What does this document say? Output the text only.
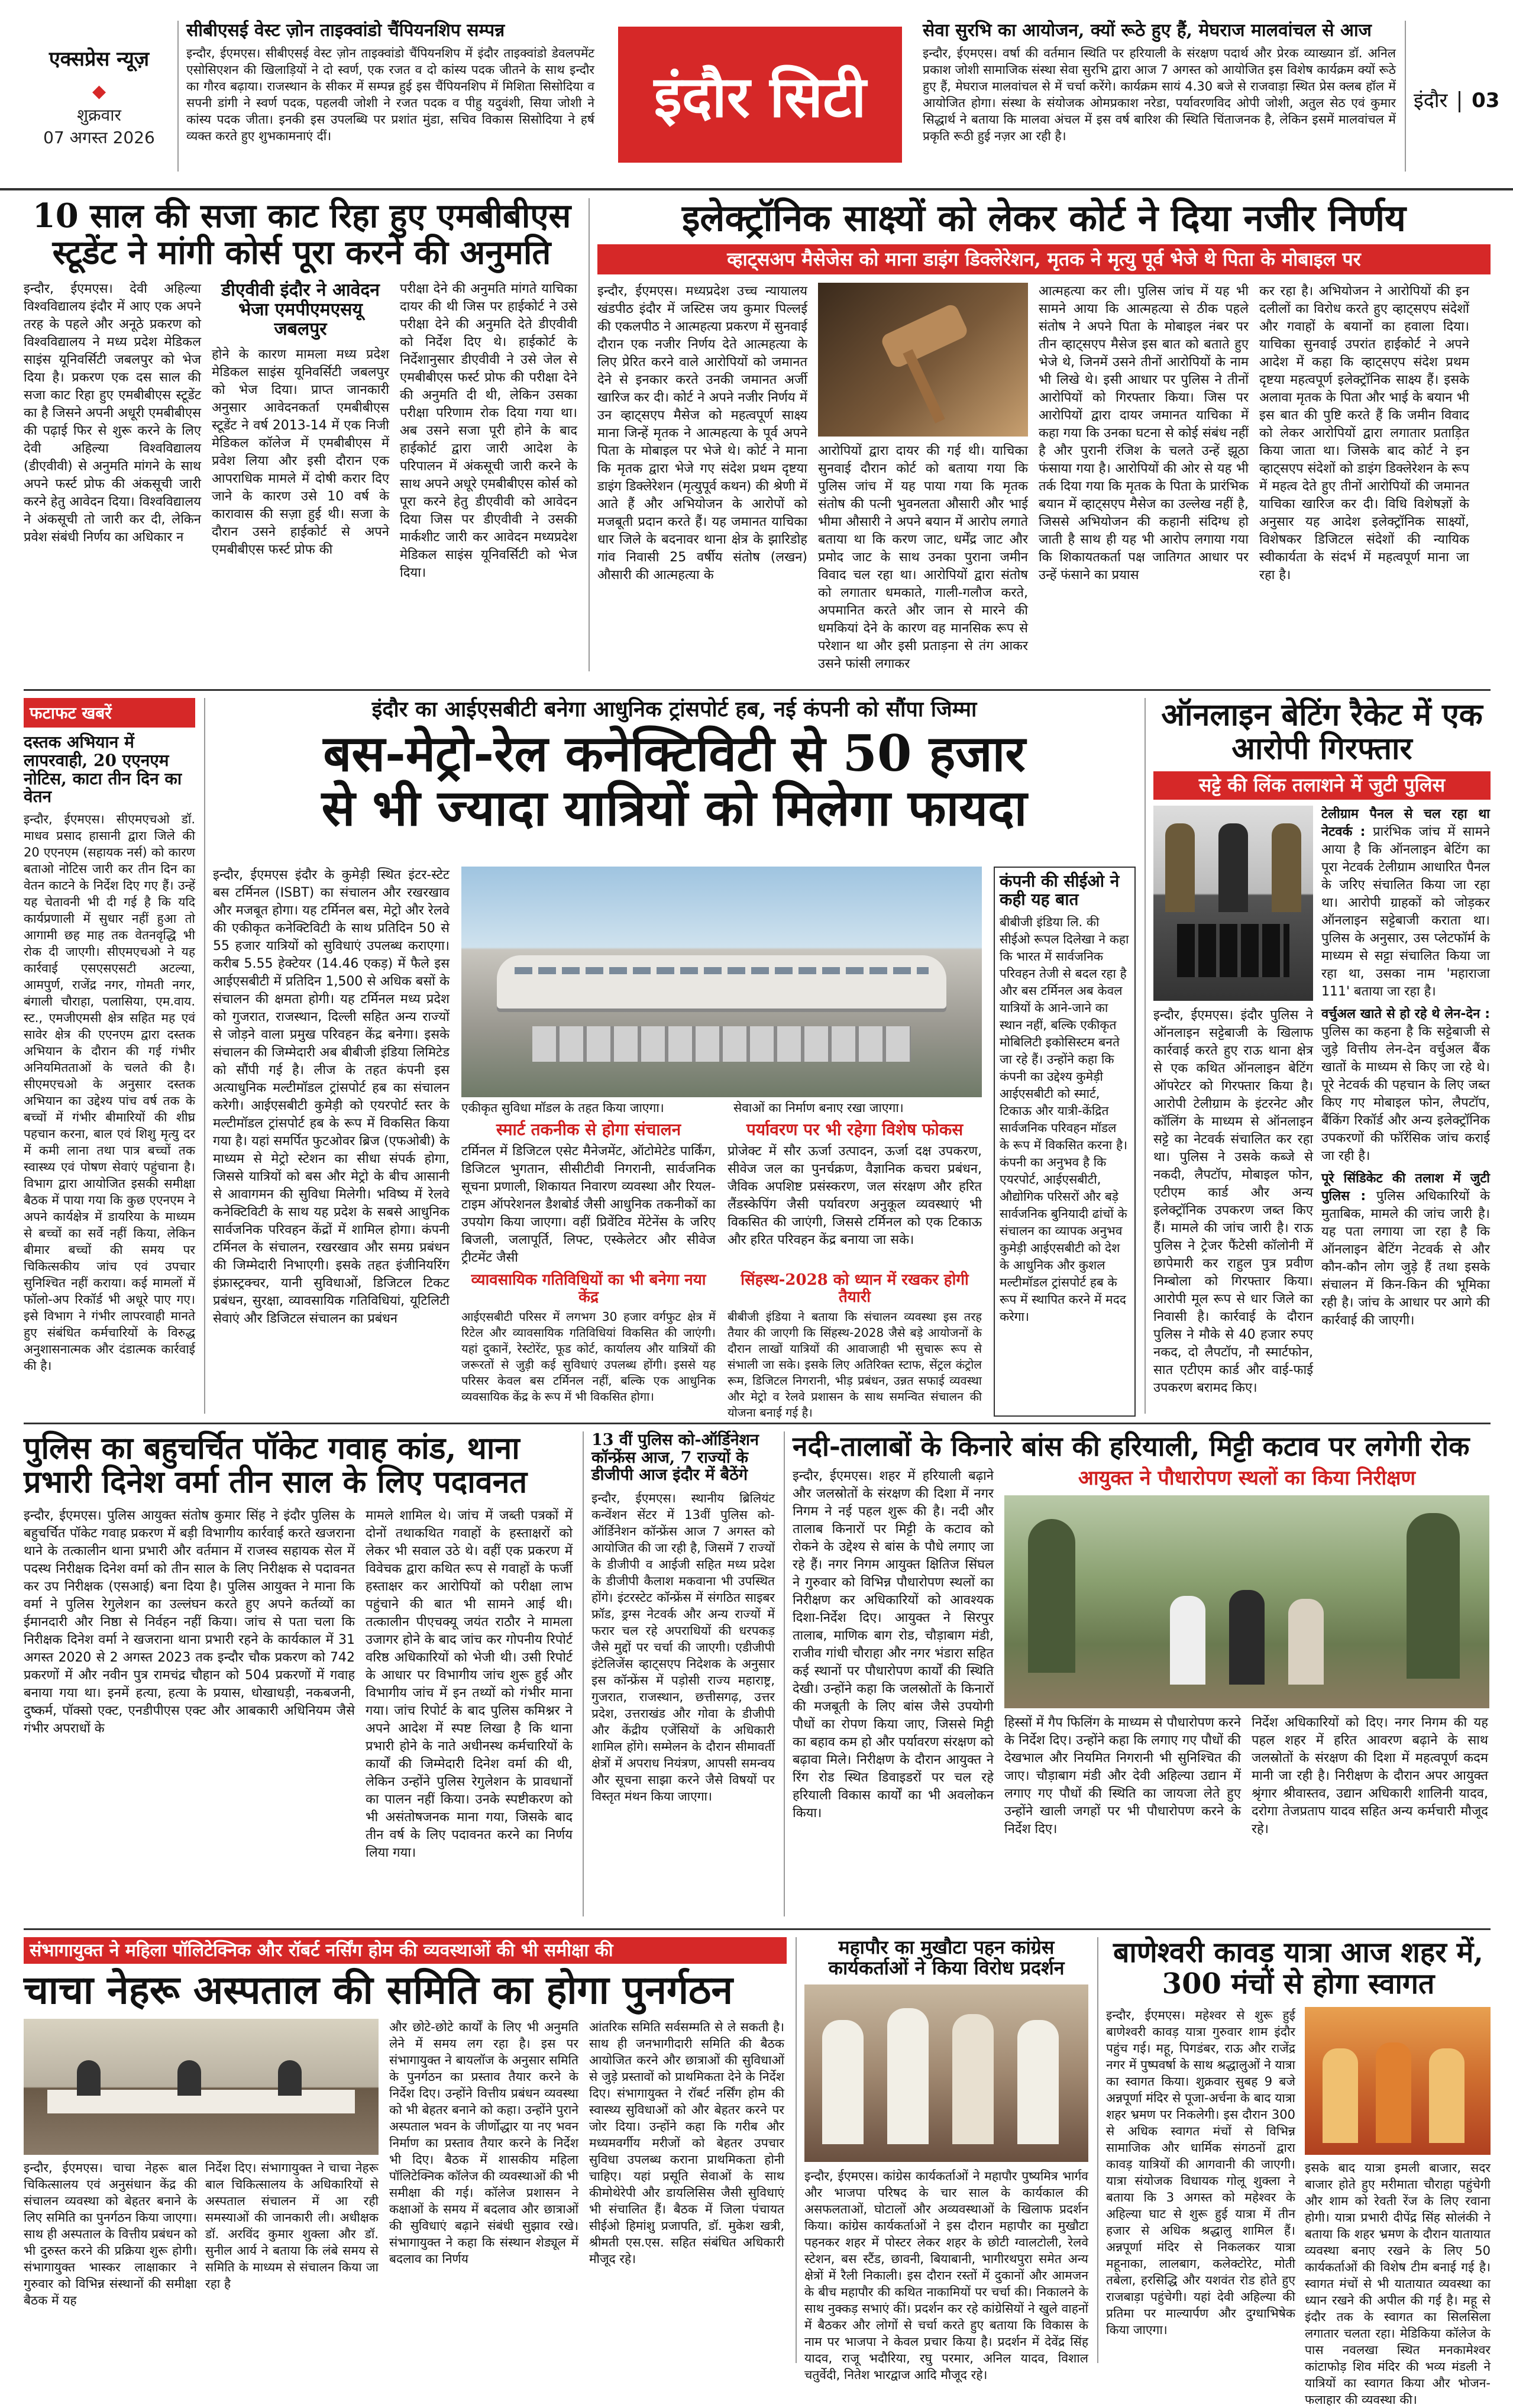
एक्सप्रेस न्यूज़
◆
शुक्रवार
07 अगस्त 2026
सीबीएसई वेस्ट ज़ोन ताइक्वांडो चैंपियनशिप सम्पन्न
इन्दौर, ईएमएस। सीबीएसई वेस्ट ज़ोन ताइक्वांडो चैंपियनशिप में इंदौर ताइक्वांडो डेवलपमेंट एसोसिएशन की खिलाड़ियों ने दो स्वर्ण, एक रजत व दो कांस्य पदक जीतने के साथ इन्दौर का गौरव बढ़ाया। राजस्थान के सीकर में सम्पन्न हुई इस चैंपियनशिप में मिशिता सिसोदिया व सपनी डांगी ने स्वर्ण पदक, पहलवी जोशी ने रजत पदक व पीहु यदुवंशी, सिया जोशी ने कांस्य पदक जीता। इनकी इस उपलब्धि पर प्रशांत मुंडा, सचिव विकास सिसोदिया ने हर्ष व्यक्त करते हुए शुभकामनाएं दीं।
इंदौर सिटी
सेवा सुरभि का आयोजन, क्यों रूठे हुए हैं, मेघराज मालवांचल से आज
इन्दौर, ईएमएस। वर्षा की वर्तमान स्थिति पर हरियाली के संरक्षण पदार्थ और प्रेरक व्याख्यान डॉ. अनिल प्रकाश जोशी सामाजिक संस्था सेवा सुरभि द्वारा आज 7 अगस्त को आयोजित इस विशेष कार्यक्रम क्यों रूठे हुए हैं, मेघराज मालवांचल से में चर्चा करेंगे। कार्यक्रम सायं 4.30 बजे से राजवाड़ा स्थित प्रेस क्लब हॉल में आयोजित होगा। संस्था के संयोजक ओमप्रकाश नरेडा, पर्यावरणविद ओपी जोशी, अतुल सेठ एवं कुमार सिद्धार्थ ने बताया कि मालवा अंचल में इस वर्ष बारिश की स्थिति चिंताजनक है, लेकिन इसमें मालवांचल में प्रकृति रूठी हुई नज़र आ रही है।
इंदौर 03
10 साल की सजा काट रिहा हुए एमबीबीएस स्टूडेंट ने मांगी कोर्स पूरा करने की अनुमति
इन्दौर, ईएमएस। देवी अहिल्या विश्वविद्यालय इंदौर में आए एक अपने तरह के पहले और अनूठे प्रकरण को विश्वविद्यालय ने मध्य प्रदेश मेडिकल साइंस यूनिवर्सिटी जबलपुर को भेज दिया है। प्रकरण एक दस साल की सजा काट रिहा हुए एमबीबीएस स्टूडेंट का है जिसने अपनी अधूरी एमबीबीएस की पढ़ाई फिर से शुरू करने के लिए देवी अहिल्या विश्वविद्यालय (डीएवीवी) से अनुमति मांगने के साथ अपने फर्स्ट प्रोफ की अंकसूची जारी करने हेतु आवेदन दिया। विश्वविद्यालय ने अंकसूची तो जारी कर दी, लेकिन प्रवेश संबंधी निर्णय का अधिकार न
डीएवीवी इंदौर ने आवेदन भेजा एमपीएमएसयू जबलपुर
होने के कारण मामला मध्य प्रदेश मेडिकल साइंस यूनिवर्सिटी जबलपुर को भेज दिया। प्राप्त जानकारी अनुसार आवेदनकर्ता एमबीबीएस स्टूडेंट ने वर्ष 2013-14 में एक निजी मेडिकल कॉलेज में एमबीबीएस में प्रवेश लिया और इसी दौरान एक आपराधिक मामले में दोषी करार दिए जाने के कारण उसे 10 वर्ष के कारावास की सज़ा हुई थी। सजा के दौरान उसने हाईकोर्ट से अपने एमबीबीएस फर्स्ट प्रोफ की
परीक्षा देने की अनुमति मांगते याचिका दायर की थी जिस पर हाईकोर्ट ने उसे परीक्षा देने की अनुमति देते डीएवीवी को निर्देश दिए थे। हाईकोर्ट के निर्देशानुसार डीएवीवी ने उसे जेल से एमबीबीएस फर्स्ट प्रोफ की परीक्षा देने की अनुमति दी थी, लेकिन उसका परीक्षा परिणाम रोक दिया गया था। अब उसने सजा पूरी होने के बाद हाईकोर्ट द्वारा जारी आदेश के परिपालन में अंकसूची जारी करने के साथ अपने अधूरे एमबीबीएस कोर्स को पूरा करने हेतु डीएवीवी को आवेदन दिया जिस पर डीएवीवी ने उसकी मार्कशीट जारी कर आवेदन मध्यप्रदेश मेडिकल साइंस यूनिवर्सिटी को भेज दिया।
इलेक्ट्रॉनिक साक्ष्यों को लेकर कोर्ट ने दिया नजीर निर्णय
व्हाट्सअप मैसेजेस को माना डाइंग डिक्लेरेशन, मृतक ने मृत्यु पूर्व भेजे थे पिता के मोबाइल पर
इन्दौर, ईएमएस। मध्यप्रदेश उच्च न्यायालय खंडपीठ इंदौर में जस्टिस जय कुमार पिल्लई की एकलपीठ ने आत्महत्या प्रकरण में सुनवाई दौरान एक नजीर निर्णय देते आत्महत्या के लिए प्रेरित करने वाले आरोपियों को जमानत देने से इनकार करते उनकी जमानत अर्जी खारिज कर दी। कोर्ट ने अपने नजीर निर्णय में उन व्हाट्सएप मैसेज को महत्वपूर्ण साक्ष्य माना जिन्हें मृतक ने आत्महत्या के पूर्व अपने पिता के मोबाइल पर भेजे थे। कोर्ट ने माना कि मृतक द्वारा भेजे गए संदेश प्रथम दृष्टया डाइंग डिक्लेरेशन (मृत्युपूर्व कथन) की श्रेणी में आते हैं और अभियोजन के आरोपों को मजबूती प्रदान करते हैं। यह जमानत याचिका धार जिले के बदनावर थाना क्षेत्र के झारिडोह गांव निवासी 25 वर्षीय संतोष (लखन) औसारी की आत्महत्या के
आरोपियों द्वारा दायर की गई थी। याचिका सुनवाई दौरान कोर्ट को बताया गया कि पुलिस जांच में यह पाया गया कि मृतक संतोष की पत्नी भुवनलता औसारी और भाई भीमा औसारी ने अपने बयान में आरोप लगाते बताया था कि करण जाट, धर्मेंद्र जाट और प्रमोद जाट के साथ उनका पुराना जमीन विवाद चल रहा था। आरोपियों द्वारा संतोष को लगातार धमकाते, गाली-गलौज करते, अपमानित करते और जान से मारने की धमकियां देने के कारण वह मानसिक रूप से परेशान था और इसी प्रताड़ना से तंग आकर उसने फांसी लगाकर
आत्महत्या कर ली। पुलिस जांच में यह भी सामने आया कि आत्महत्या से ठीक पहले संतोष ने अपने पिता के मोबाइल नंबर पर तीन व्हाट्सएप मैसेज इस बात को बताते हुए भेजे थे, जिनमें उसने तीनों आरोपियों के नाम भी लिखे थे। इसी आधार पर पुलिस ने तीनों आरोपियों को गिरफ्तार किया। जिस पर आरोपियों द्वारा दायर जमानत याचिका में कहा गया कि उनका घटना से कोई संबंध नहीं है और पुरानी रंजिश के चलते उन्हें झूठा फंसाया गया है। आरोपियों की ओर से यह भी तर्क दिया गया कि मृतक के पिता के प्रारंभिक बयान में व्हाट्सएप मैसेज का उल्लेख नहीं है, जिससे अभियोजन की कहानी संदिग्ध हो जाती है साथ ही यह भी आरोप लगाया गया कि शिकायतकर्ता पक्ष जातिगत आधार पर उन्हें फंसाने का प्रयास
कर रहा है। अभियोजन ने आरोपियों की इन दलीलों का विरोध करते हुए व्हाट्सएप संदेशों और गवाहों के बयानों का हवाला दिया। याचिका सुनवाई उपरांत हाईकोर्ट ने अपने आदेश में कहा कि व्हाट्सएप संदेश प्रथम दृष्टया महत्वपूर्ण इलेक्ट्रॉनिक साक्ष्य हैं। इसके अलावा मृतक के पिता और भाई के बयान भी इस बात की पुष्टि करते हैं कि जमीन विवाद को लेकर आरोपियों द्वारा लगातार प्रताड़ित किया जाता था। जिसके बाद कोर्ट ने इन व्हाट्सएप संदेशों को डाइंग डिक्लेरेशन के रूप में महत्व देते हुए तीनों आरोपियों की जमानत याचिका खारिज कर दी। विधि विशेषज्ञों के अनुसार यह आदेश इलेक्ट्रॉनिक साक्ष्यों, विशेषकर डिजिटल संदेशों की न्यायिक स्वीकार्यता के संदर्भ में महत्वपूर्ण माना जा रहा है।
फटाफट खबरें
दस्तक अभियान में लापरवाही, 20 एएनएम नोटिस, काटा तीन दिन का वेतन
इन्दौर, ईएमएस। सीएमएचओ डॉ. माधव प्रसाद हासानी द्वारा जिले की 20 एएनएम (सहायक नर्स) को कारण बताओ नोटिस जारी कर तीन दिन का वेतन काटने के निर्देश दिए गए हैं। उन्हें यह चेतावनी भी दी गई है कि यदि कार्यप्रणाली में सुधार नहीं हुआ तो आगामी छह माह तक वेतनवृद्धि भी रोक दी जाएगी। सीएमएचओ ने यह कार्रवाई एसएसएसटी अटल्या, आमपुर्ण, राजेंद्र नगर, गोमती नगर, बंगाली चौराहा, पलासिया, एम.वाय. स्ट., एमजीएमसी क्षेत्र सहित मह एवं सावेर क्षेत्र की एएनएम द्वारा दस्तक अभियान के दौरान की गई गंभीर अनियमितताओं के चलते की है। सीएमएचओ के अनुसार दस्तक अभियान का उद्देश्य पांच वर्ष तक के बच्चों में गंभीर बीमारियों की शीघ्र पहचान करना, बाल एवं शिशु मृत्यु दर में कमी लाना तथा पात्र बच्चों तक स्वास्थ्य एवं पोषण सेवाएं पहुंचाना है। विभाग द्वारा आयोजित इसकी समीक्षा बैठक में पाया गया कि कुछ एएनएम ने अपने कार्यक्षेत्र में डायरिया के माध्यम से बच्चों का सर्वे नहीं किया, लेकिन बीमार बच्चों की समय पर चिकित्सकीय जांच एवं उपचार सुनिश्चित नहीं कराया। कई मामलों में फॉलो-अप रिकॉर्ड भी अधूरे पाए गए। इसे विभाग ने गंभीर लापरवाही मानते हुए संबंधित कर्मचारियों के विरुद्ध अनुशासनात्मक और दंडात्मक कार्रवाई की है।
इंदौर का आईएसबीटी बनेगा आधुनिक ट्रांसपोर्ट हब, नई कंपनी को सौंपा जिम्मा
बस-मेट्रो-रेल कनेक्टिविटी से 50 हजार
से भी ज्यादा यात्रियों को मिलेगा फायदा
इन्दौर, ईएमएस इंदौर के कुमेड़ी स्थित इंटर-स्टेट बस टर्मिनल (ISBT) का संचालन और रखरखाव और मजबूत होगा। यह टर्मिनल बस, मेट्रो और रेलवे की एकीकृत कनेक्टिविटी के साथ प्रतिदिन 50 से 55 हजार यात्रियों को सुविधाएं उपलब्ध कराएगा। करीब 5.55 हेक्टेयर (14.46 एकड़) में फैले इस आईएसबीटी में प्रतिदिन 1,500 से अधिक बसों के संचालन की क्षमता होगी। यह टर्मिनल मध्य प्रदेश को गुजरात, राजस्थान, दिल्ली सहित अन्य राज्यों से जोड़ने वाला प्रमुख परिवहन केंद्र बनेगा। इसके संचालन की जिम्मेदारी अब बीबीजी इंडिया लिमिटेड को सौंपी गई है। लीज के तहत कंपनी इस अत्याधुनिक मल्टीमॉडल ट्रांसपोर्ट हब का संचालन करेगी। आईएसबीटी कुमेड़ी को एयरपोर्ट स्तर के मल्टीमॉडल ट्रांसपोर्ट हब के रूप में विकसित किया गया है। यहां समर्पित फुटओवर ब्रिज (एफओबी) के माध्यम से मेट्रो स्टेशन का सीधा संपर्क होगा, जिससे यात्रियों को बस और मेट्रो के बीच आसानी से आवागमन की सुविधा मिलेगी। भविष्य में रेलवे कनेक्टिविटी के साथ यह प्रदेश के सबसे आधुनिक सार्वजनिक परिवहन केंद्रों में शामिल होगा। कंपनी टर्मिनल के संचालन, रखरखाव और समग्र प्रबंधन की जिम्मेदारी निभाएगी। इसके तहत इंजीनियरिंग इंफ्रास्ट्रक्चर, यानी सुविधाओं, डिजिटल टिकट प्रबंधन, सुरक्षा, व्यावसायिक गतिविधियां, यूटिलिटी सेवाएं और डिजिटल संचालन का प्रबंधन
एकीकृत सुविधा मॉडल के तहत किया जाएगा।	सेवाओं का निर्माण बनाए रखा जाएगा।
स्मार्ट तकनीक से होगा संचालन
टर्मिनल में डिजिटल एसेट मैनेजमेंट, ऑटोमेटेड पार्किंग, डिजिटल भुगतान, सीसीटीवी निगरानी, सार्वजनिक सूचना प्रणाली, शिकायत निवारण व्यवस्था और रियल-टाइम ऑपरेशनल डैशबोर्ड जैसी आधुनिक तकनीकों का उपयोग किया जाएगा। वहीं प्रिवेंटिव मेंटेनेंस के जरिए बिजली, जलापूर्ति, लिफ्ट, एस्केलेटर और सीवेज ट्रीटमेंट जैसी
पर्यावरण पर भी रहेगा विशेष फोकस
प्रोजेक्ट में सौर ऊर्जा उत्पादन, ऊर्जा दक्ष उपकरण, सीवेज जल का पुनर्चक्रण, वैज्ञानिक कचरा प्रबंधन, जैविक अपशिष्ट प्रसंस्करण, जल संरक्षण और हरित लैंडस्केपिंग जैसी पर्यावरण अनुकूल व्यवस्थाएं भी विकसित की जाएंगी, जिससे टर्मिनल को एक टिकाऊ और हरित परिवहन केंद्र बनाया जा सके।
व्यावसायिक गतिविधियों का भी बनेगा नया केंद्र
आईएसबीटी परिसर में लगभग 30 हजार वर्गफुट क्षेत्र में रिटेल और व्यावसायिक गतिविधियां विकसित की जाएंगी। यहां दुकानें, रेस्टोरेंट, फूड कोर्ट, कार्यालय और यात्रियों की जरूरतों से जुड़ी कई सुविधाएं उपलब्ध होंगी। इससे यह परिसर केवल बस टर्मिनल नहीं, बल्कि एक आधुनिक व्यवसायिक केंद्र के रूप में भी विकसित होगा।
सिंहस्थ-2028 को ध्यान में रखकर होगी तैयारी
बीबीजी इंडिया ने बताया कि संचालन व्यवस्था इस तरह तैयार की जाएगी कि सिंहस्थ-2028 जैसे बड़े आयोजनों के दौरान लाखों यात्रियों की आवाजाही भी सुचारू रूप से संभाली जा सके। इसके लिए अतिरिक्त स्टाफ, सेंट्रल कंट्रोल रूम, डिजिटल निगरानी, भीड़ प्रबंधन, उन्नत सफाई व्यवस्था और मेट्रो व रेलवे प्रशासन के साथ समन्वित संचालन की योजना बनाई गई है।
कंपनी की सीईओ ने कही यह बात
बीबीजी इंडिया लि. की सीईओ रूपल दिलेखा ने कहा कि भारत में सार्वजनिक परिवहन तेजी से बदल रहा है और बस टर्मिनल अब केवल यात्रियों के आने-जाने का स्थान नहीं, बल्कि एकीकृत मोबिलिटी इकोसिस्टम बनते जा रहे हैं। उन्होंने कहा कि कंपनी का उद्देश्य कुमेड़ी आईएसबीटी को स्मार्ट, टिकाऊ और यात्री-केंद्रित सार्वजनिक परिवहन मॉडल के रूप में विकसित करना है। कंपनी का अनुभव है कि एयरपोर्ट, आईएसबीटी, औद्योगिक परिसरों और बड़े सार्वजनिक बुनियादी ढांचों के संचालन का व्यापक अनुभव कुमेड़ी आईएसबीटी को देश के आधुनिक और कुशल मल्टीमॉडल ट्रांसपोर्ट हब के रूप में स्थापित करने में मदद करेगा।
ऑनलाइन बेटिंग रैकेट में एक आरोपी गिरफ्तार
सट्टे की लिंक तलाशने में जुटी पुलिस
इन्दौर, ईएमएस। इंदौर पुलिस ने ऑनलाइन सट्टेबाजी के खिलाफ कार्रवाई करते हुए राऊ थाना क्षेत्र से एक कथित ऑनलाइन बेटिंग ऑपरेटर को गिरफ्तार किया है। आरोपी टेलीग्राम के इंटरनेट और कॉलिंग के माध्यम से ऑनलाइन सट्टे का नेटवर्क संचालित कर रहा था। पुलिस ने उसके कब्जे से नकदी, लैपटॉप, मोबाइल फोन, एटीएम कार्ड और अन्य इलेक्ट्रॉनिक उपकरण जब्त किए हैं। मामले की जांच जारी है। राऊ पुलिस ने ट्रेजर फैंटेसी कॉलोनी में छापेमारी कर राहुल पुत्र प्रवीण निम्बोला को गिरफ्तार किया। आरोपी मूल रूप से धार जिले का निवासी है। कार्रवाई के दौरान पुलिस ने मौके से 40 हजार रुपए नकद, दो लैपटॉप, नौ स्मार्टफोन, सात एटीएम कार्ड और वाई-फाई उपकरण बरामद किए।
टेलीग्राम पैनल से चल रहा था नेटवर्क : प्रारंभिक जांच में सामने आया है कि ऑनलाइन बेटिंग का पूरा नेटवर्क टेलीग्राम आधारित पैनल के जरिए संचालित किया जा रहा था। आरोपी ग्राहकों को जोड़कर ऑनलाइन सट्टेबाजी कराता था। पुलिस के अनुसार, उस प्लेटफॉर्म के माध्यम से सट्टा संचालित किया जा रहा था, उसका नाम 'महाराजा 111' बताया जा रहा है।
वर्चुअल खाते से हो रहे थे लेन-देन : पुलिस का कहना है कि सट्टेबाजी से जुड़े वित्तीय लेन-देन वर्चुअल बैंक खातों के माध्यम से किए जा रहे थे। पूरे नेटवर्क की पहचान के लिए जब्त किए गए मोबाइल फोन, लैपटॉप, बैंकिंग रिकॉर्ड और अन्य इलेक्ट्रॉनिक उपकरणों की फॉरेंसिक जांच कराई जा रही है।
पूरे सिंडिकेट की तलाश में जुटी पुलिस : पुलिस अधिकारियों के मुताबिक, मामले की जांच जारी है। यह पता लगाया जा रहा है कि ऑनलाइन बेटिंग नेटवर्क से और कौन-कौन लोग जुड़े हैं तथा इसके संचालन में किन-किन की भूमिका रही है। जांच के आधार पर आगे की कार्रवाई की जाएगी।
पुलिस का बहुचर्चित पॉकेट गवाह कांड, थाना प्रभारी दिनेश वर्मा तीन साल के लिए पदावनत
इन्दौर, ईएमएस। पुलिस आयुक्त संतोष कुमार सिंह ने इंदौर पुलिस के बहुचर्चित पॉकेट गवाह प्रकरण में बड़ी विभागीय कार्रवाई करते खजराना थाने के तत्कालीन थाना प्रभारी और वर्तमान में राजस्व सहायक सेल में पदस्थ निरीक्षक दिनेश वर्मा को तीन साल के लिए निरीक्षक से पदावनत कर उप निरीक्षक (एसआई) बना दिया है। पुलिस आयुक्त ने माना कि वर्मा ने पुलिस रेगुलेशन का उल्लंघन करते हुए अपने कर्तव्यों का ईमानदारी और निष्ठा से निर्वहन नहीं किया। जांच से पता चला कि निरीक्षक दिनेश वर्मा ने खजराना थाना प्रभारी रहने के कार्यकाल में 31 अगस्त 2020 से 2 अगस्त 2023 तक इन्दौर चौक प्रकरण को 742 प्रकरणों में और नवीन पुत्र रामचंद्र चौहान को 504 प्रकरणों में गवाह बनाया गया था। इनमें हत्या, हत्या के प्रयास, धोखाधड़ी, नकबजनी, दुष्कर्म, पॉक्सो एक्ट, एनडीपीएस एक्ट और आबकारी अधिनियम जैसे गंभीर अपराधों के
मामले शामिल थे। जांच में जब्ती पत्रकों में दोनों तथाकथित गवाहों के हस्ताक्षरों को लेकर भी सवाल उठे थे। वहीं एक प्रकरण में विवेचक द्वारा कथित रूप से गवाहों के फर्जी हस्ताक्षर कर आरोपियों को परीक्षा लाभ पहुंचाने की बात भी सामने आई थी। तत्कालीन पीएचक्यू जयंत राठौर ने मामला उजागर होने के बाद जांच कर गोपनीय रिपोर्ट वरिष्ठ अधिकारियों को भेजी थी। उसी रिपोर्ट के आधार पर विभागीय जांच शुरू हुई और विभागीय जांच में इन तथ्यों को गंभीर माना गया। जांच रिपोर्ट के बाद पुलिस कमिश्नर ने अपने आदेश में स्पष्ट लिखा है कि थाना प्रभारी होने के नाते अधीनस्थ कर्मचारियों के कार्यों की जिम्मेदारी दिनेश वर्मा की थी, लेकिन उन्होंने पुलिस रेगुलेशन के प्रावधानों का पालन नहीं किया। उनके स्पष्टीकरण को भी असंतोषजनक माना गया, जिसके बाद तीन वर्ष के लिए पदावनत करने का निर्णय लिया गया।
13 वीं पुलिस को-ऑर्डिनेशन कॉन्फ्रेंस आज, 7 राज्यों के डीजीपी आज इंदौर में बैठेंगे
इन्दौर, ईएमएस। स्थानीय ब्रिलियंट कन्वेंशन सेंटर में 13वीं पुलिस को-ऑर्डिनेशन कॉन्फ्रेंस आज 7 अगस्त को आयोजित की जा रही है, जिसमें 7 राज्यों के डीजीपी व आईजी सहित मध्य प्रदेश के डीजीपी कैलाश मकवाना भी उपस्थित होंगे। इंटरस्टेट कॉन्फ्रेंस में संगठित साइबर फ्रॉड, ड्रग्स नेटवर्क और अन्य राज्यों में फरार चल रहे अपराधियों की धरपकड़ जैसे मुद्दों पर चर्चा की जाएगी। एडीजीपी इंटेलिजेंस व्हाट्सएप निदेशक के अनुसार इस कॉन्फ्रेंस में पड़ोसी राज्य महाराष्ट्र, गुजरात, राजस्थान, छत्तीसगढ़, उत्तर प्रदेश, उत्तराखंड और गोवा के डीजीपी और केंद्रीय एजेंसियों के अधिकारी शामिल होंगे। सम्मेलन के दौरान सीमावर्ती क्षेत्रों में अपराध नियंत्रण, आपसी समन्वय और सूचना साझा करने जैसे विषयों पर विस्तृत मंथन किया जाएगा।
नदी-तालाबों के किनारे बांस की हरियाली, मिट्टी कटाव पर लगेगी रोक
इन्दौर, ईएमएस। शहर में हरियाली बढ़ाने और जलस्रोतों के संरक्षण की दिशा में नगर निगम ने नई पहल शुरू की है। नदी और तालाब किनारों पर मिट्टी के कटाव को रोकने के उद्देश्य से बांस के पौधे लगाए जा रहे हैं। नगर निगम आयुक्त क्षितिज सिंघल ने गुरुवार को विभिन्न पौधारोपण स्थलों का निरीक्षण कर अधिकारियों को आवश्यक दिशा-निर्देश दिए। आयुक्त ने सिरपुर तालाब, माणिक बाग रोड, चौड़ाबाग मंडी, राजीव गांधी चौराहा और नगर भंडारा सहित कई स्थानों पर पौधारोपण कार्यों की स्थिति देखी। उन्होंने कहा कि जलस्रोतों के किनारों की मजबूती के लिए बांस जैसे उपयोगी पौधों का रोपण किया जाए, जिससे मिट्टी का बहाव कम हो और पर्यावरण संरक्षण को बढ़ावा मिले। निरीक्षण के दौरान आयुक्त ने रिंग रोड स्थित डिवाइडरों पर चल रहे हरियाली विकास कार्यों का भी अवलोकन किया।
आयुक्त ने पौधारोपण स्थलों का किया निरीक्षण
हिस्सों में गैप फिलिंग के माध्यम से पौधारोपण करने के निर्देश दिए। उन्होंने कहा कि लगाए गए पौधों की देखभाल और नियमित निगरानी भी सुनिश्चित की जाए। चौड़ाबाग मंडी और देवी अहिल्या उद्यान में लगाए गए पौधों की स्थिति का जायजा लेते हुए उन्होंने खाली जगहों पर भी पौधारोपण करने के निर्देश दिए।
निर्देश अधिकारियों को दिए। नगर निगम की यह पहल शहर में हरित आवरण बढ़ाने के साथ जलस्रोतों के संरक्षण की दिशा में महत्वपूर्ण कदम मानी जा रही है। निरीक्षण के दौरान अपर आयुक्त श्रृंगार श्रीवास्तव, उद्यान अधिकारी शालिनी यादव, दरोगा तेजप्रताप यादव सहित अन्य कर्मचारी मौजूद रहे।
संभागायुक्त ने महिला पॉलिटेक्निक और रॉबर्ट नर्सिंग होम की व्यवस्थाओं की भी समीक्षा की
चाचा नेहरू अस्पताल की समिति का होगा पुनर्गठन
इन्दौर, ईएमएस। चाचा नेहरू बाल चिकित्सालय एवं अनुसंधान केंद्र की संचालन व्यवस्था को बेहतर बनाने के लिए समिति का पुनर्गठन किया जाएगा। साथ ही अस्पताल के वित्तीय प्रबंधन को भी दुरुस्त करने की प्रक्रिया शुरू होगी। संभागायुक्त भास्कर लाक्षाकार ने गुरुवार को विभिन्न संस्थानों की समीक्षा बैठक में यह
निर्देश दिए। संभागायुक्त ने चाचा नेहरू बाल चिकित्सालय के अधिकारियों से अस्पताल संचालन में आ रही समस्याओं की जानकारी ली। अधीक्षक डॉ. अरविंद कुमार शुक्ला और डॉ. सुनील आर्य ने बताया कि लंबे समय से समिति के माध्यम से संचालन किया जा रहा है
और छोटे-छोटे कार्यों के लिए भी अनुमति लेने में समय लग रहा है। इस पर संभागायुक्त ने बायलॉज के अनुसार समिति के पुनर्गठन का प्रस्ताव तैयार करने के निर्देश दिए। उन्होंने वित्तीय प्रबंधन व्यवस्था को भी बेहतर बनाने को कहा। उन्होंने पुराने अस्पताल भवन के जीर्णोद्धार या नए भवन निर्माण का प्रस्ताव तैयार करने के निर्देश भी दिए। बैठक में शासकीय महिला पॉलिटेक्निक कॉलेज की व्यवस्थाओं की भी समीक्षा की गई। कॉलेज प्रशासन ने कक्षाओं के समय में बदलाव और छात्राओं की सुविधाएं बढ़ाने संबंधी सुझाव रखे। संभागायुक्त ने कहा कि संस्थान शेड्यूल में बदलाव का निर्णय
आंतरिक समिति सर्वसम्मति से ले सकती है। साथ ही जनभागीदारी समिति की बैठक आयोजित करने और छात्राओं की सुविधाओं से जुड़े प्रस्तावों को प्राथमिकता देने के निर्देश दिए। संभागायुक्त ने रॉबर्ट नर्सिंग होम की स्वास्थ्य सुविधाओं को और बेहतर करने पर जोर दिया। उन्होंने कहा कि गरीब और मध्यमवर्गीय मरीजों को बेहतर उपचार सुविधा उपलब्ध कराना प्राथमिकता होनी चाहिए। यहां प्रसूति सेवाओं के साथ कीमोथेरेपी और डायलिसिस जैसी सुविधाएं भी संचालित हैं। बैठक में जिला पंचायत सीईओ हिमांशु प्रजापति, डॉ. मुकेश खत्री, श्रीमती एस.एस. सहित संबंधित अधिकारी मौजूद रहे।
महापौर का मुखौटा पहन कांग्रेस कार्यकर्ताओं ने किया विरोध प्रदर्शन
इन्दौर, ईएमएस। कांग्रेस कार्यकर्ताओं ने महापौर पुष्यमित्र भार्गव और भाजपा परिषद के चार साल के कार्यकाल की असफलताओं, घोटालों और अव्यवस्थाओं के खिलाफ प्रदर्शन किया। कांग्रेस कार्यकर्ताओं ने इस दौरान महापौर का मुखौटा पहनकर शहर में पोस्टर लेकर शहर के छोटी ग्वालटोली, रेलवे स्टेशन, बस स्टैंड, छावनी, बियाबानी, भागीरथपुरा समेत अन्य क्षेत्रों में रैली निकाली। इस दौरान रस्तों में दुकानों और आमजन के बीच महापौर की कथित नाकामियों पर चर्चा की। निकालने के साथ नुक्कड़ सभाएं कीं। प्रदर्शन कर रहे कांग्रेसियों ने खुले वाहनों में बैठकर और लोगों से चर्चा करते हुए बताया कि विकास के नाम पर भाजपा ने केवल प्रचार किया है। प्रदर्शन में देवेंद्र सिंह यादव, राजू भदौरिया, रघु परमार, अनिल यादव, विशाल चतुर्वेदी, नितेश भारद्वाज आदि मौजूद रहे।
बाणेश्वरी कावड़ यात्रा आज शहर में, 300 मंचों से होगा स्वागत
इन्दौर, ईएमएस। महेश्वर से शुरू हुई बाणेश्वरी कावड़ यात्रा गुरुवार शाम इंदौर पहुंच गई। महू, पिगडंबर, राऊ और राजेंद्र नगर में पुष्पवर्षा के साथ श्रद्धालुओं ने यात्रा का स्वागत किया। शुक्रवार सुबह 9 बजे अन्नपूर्णा मंदिर से पूजा-अर्चना के बाद यात्रा शहर भ्रमण पर निकलेगी। इस दौरान 300 से अधिक स्वागत मंचों से विभिन्न सामाजिक और धार्मिक संगठनों द्वारा कावड़ यात्रियों की आगवानी की जाएगी। यात्रा संयोजक विधायक गोलू शुक्ला ने बताया कि 3 अगस्त को महेश्वर के अहिल्या घाट से शुरू हुई यात्रा में तीन हजार से अधिक श्रद्धालु शामिल हैं। अन्नपूर्णा मंदिर से निकलकर यात्रा महूनाका, लालबाग, कलेक्टोरेट, मोती तबेला, हरसिद्धि और यशवंत रोड होते हुए राजबाड़ा पहुंचेगी। यहां देवी अहिल्या की प्रतिमा पर माल्यार्पण और दुग्धाभिषेक किया जाएगा।
इसके बाद यात्रा इमली बाजार, सदर बाजार होते हुए मरीमाता चौराहा पहुंचेगी और शाम को रेवती रेंज के लिए रवाना होगी। यात्रा प्रभारी दीपेंद्र सिंह सोलंकी ने बताया कि शहर भ्रमण के दौरान यातायात व्यवस्था बनाए रखने के लिए 50 कार्यकर्ताओं की विशेष टीम बनाई गई है। स्वागत मंचों से भी यातायात व्यवस्था का ध्यान रखने की अपील की गई है। महू से इंदौर तक के स्वागत का सिलसिला लगातार चलता रहा। मेडिकिया कॉलेज के पास नवलखा स्थित मनकामेश्वर कांटाफोड़ शिव मंदिर की भव्य मंडली ने यात्रियों का स्वागत किया और भोजन-फलाहार की व्यवस्था की।
